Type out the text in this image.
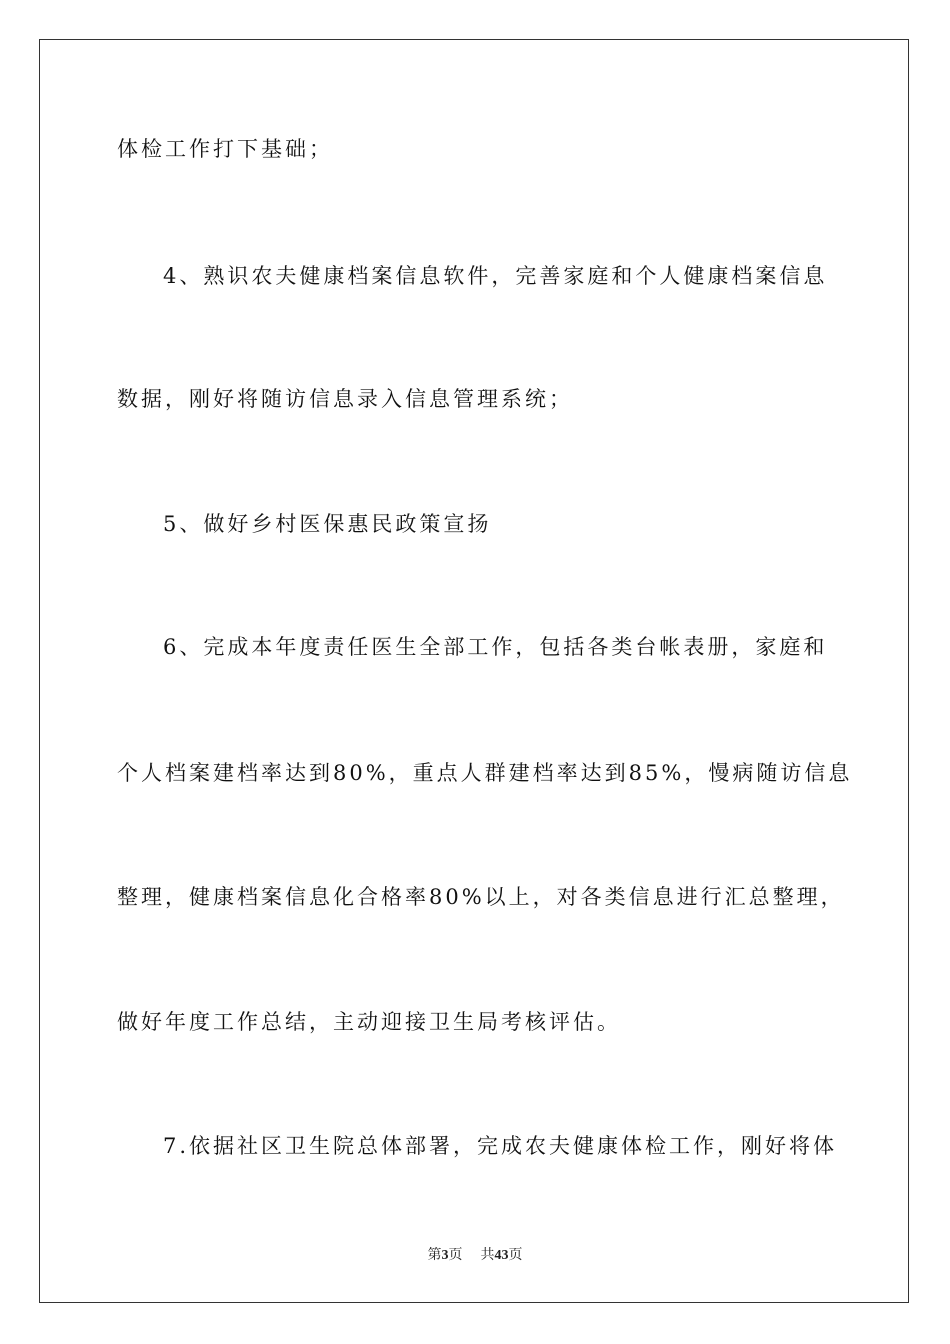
体检工作打下基础；

4、熟识农夫健康档案信息软件，完善家庭和个人健康档案信息

数据，刚好将随访信息录入信息管理系统；

5、做好乡村医保惠民政策宣扬

6、完成本年度责任医生全部工作，包括各类台帐表册，家庭和

个人档案建档率达到80%，重点人群建档率达到85%，慢病随访信息

整理，健康档案信息化合格率80%以上，对各类信息进行汇总整理，

做好年度工作总结，主动迎接卫生局考核评估。

7.依据社区卫生院总体部署，完成农夫健康体检工作，刚好将体

第3页 共43页
